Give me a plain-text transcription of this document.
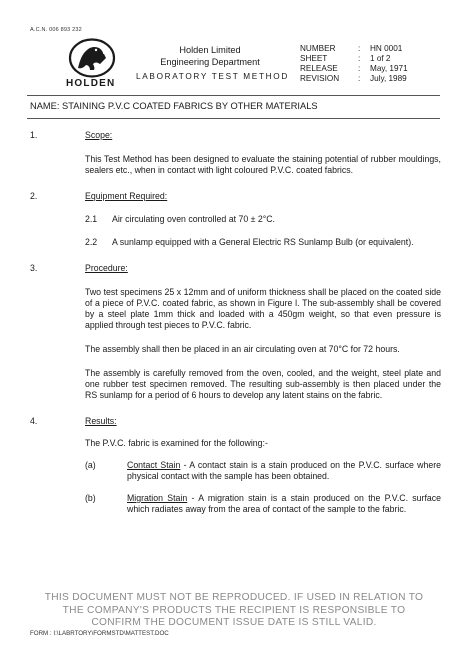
A.C.N. 006 893 232
HOLDEN
Holden Limited
Engineering Department
LABORATORY TEST METHOD
NUMBER	:	HN 0001
SHEET	:	1 of 2
RELEASE	:	May, 1971
REVISION	:	July, 1989
NAME: STAINING P.V.C COATED FABRICS BY OTHER MATERIALS
1.	Scope:
This Test Method has been designed to evaluate the staining potential of rubber mouldings, sealers etc., when in contact with light coloured P.V.C. coated fabrics.
2.	Equipment Required:
2.1 Air circulating oven controlled at 70 ± 2°C.
2.2 A sunlamp equipped with a General Electric RS Sunlamp Bulb (or equivalent).
3.	Procedure:
Two test specimens 25 x 12mm and of uniform thickness shall be placed on the coated side of a piece of P.V.C. coated fabric, as shown in Figure l. The sub-assembly shall be covered by a steel plate 1mm thick and loaded with a 450gm weight, so that even pressure is applied through test pieces to P.V.C. fabric.
The assembly shall then be placed in an air circulating oven at 70°C for 72 hours.
The assembly is carefully removed from the oven, cooled, and the weight, steel plate and one rubber test specimen removed. The resulting sub-assembly is then placed under the RS sunlamp for a period of 6 hours to develop any latent stains on the fabric.
4.	Results:
The P.V.C. fabric is examined for the following:-
(a)	Contact Stain - A contact stain is a stain produced on the P.V.C. surface where physical contact with the sample has been obtained.
(b)	Migration Stain - A migration stain is a stain produced on the P.V.C. surface which radiates away from the area of contact of the sample to the fabric.
THIS DOCUMENT MUST NOT BE REPRODUCED. IF USED IN RELATION TO
THE COMPANY'S PRODUCTS THE RECIPIENT IS RESPONSIBLE TO
CONFIRM THE DOCUMENT ISSUE DATE IS STILL VALID.
FORM : I:\LABRTORY\FORMSTD\MATTEST.DOC
